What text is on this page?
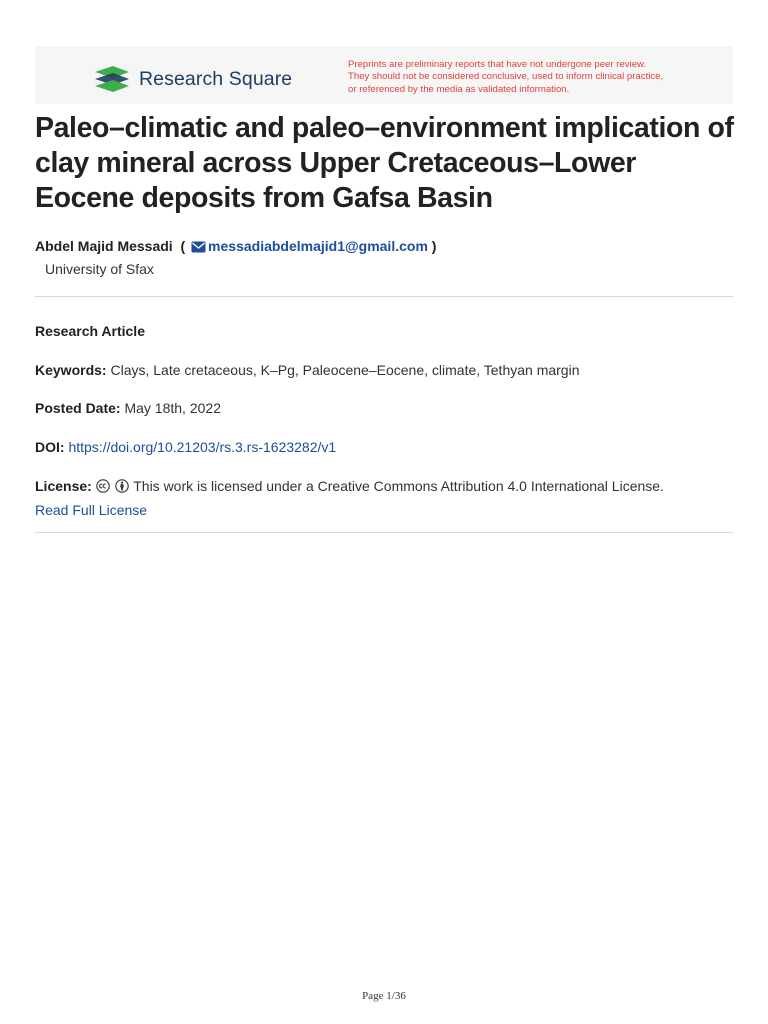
Research Square
Preprints are preliminary reports that have not undergone peer review.
They should not be considered conclusive, used to inform clinical practice,
or referenced by the media as validated information.
Paleo–climatic and paleo–environment implication of clay mineral across Upper Cretaceous–Lower Eocene deposits from Gafsa Basin
Abdel Majid Messadi ( messadiabdelmajid1@gmail.com )
University of Sfax
Research Article
Keywords: Clays, Late cretaceous, K–Pg, Paleocene–Eocene, climate, Tethyan margin
Posted Date: May 18th, 2022
DOI: https://doi.org/10.21203/rs.3.rs-1623282/v1
License:	This work is licensed under a Creative Commons Attribution 4.0 International License.
Read Full License
Page 1/36
